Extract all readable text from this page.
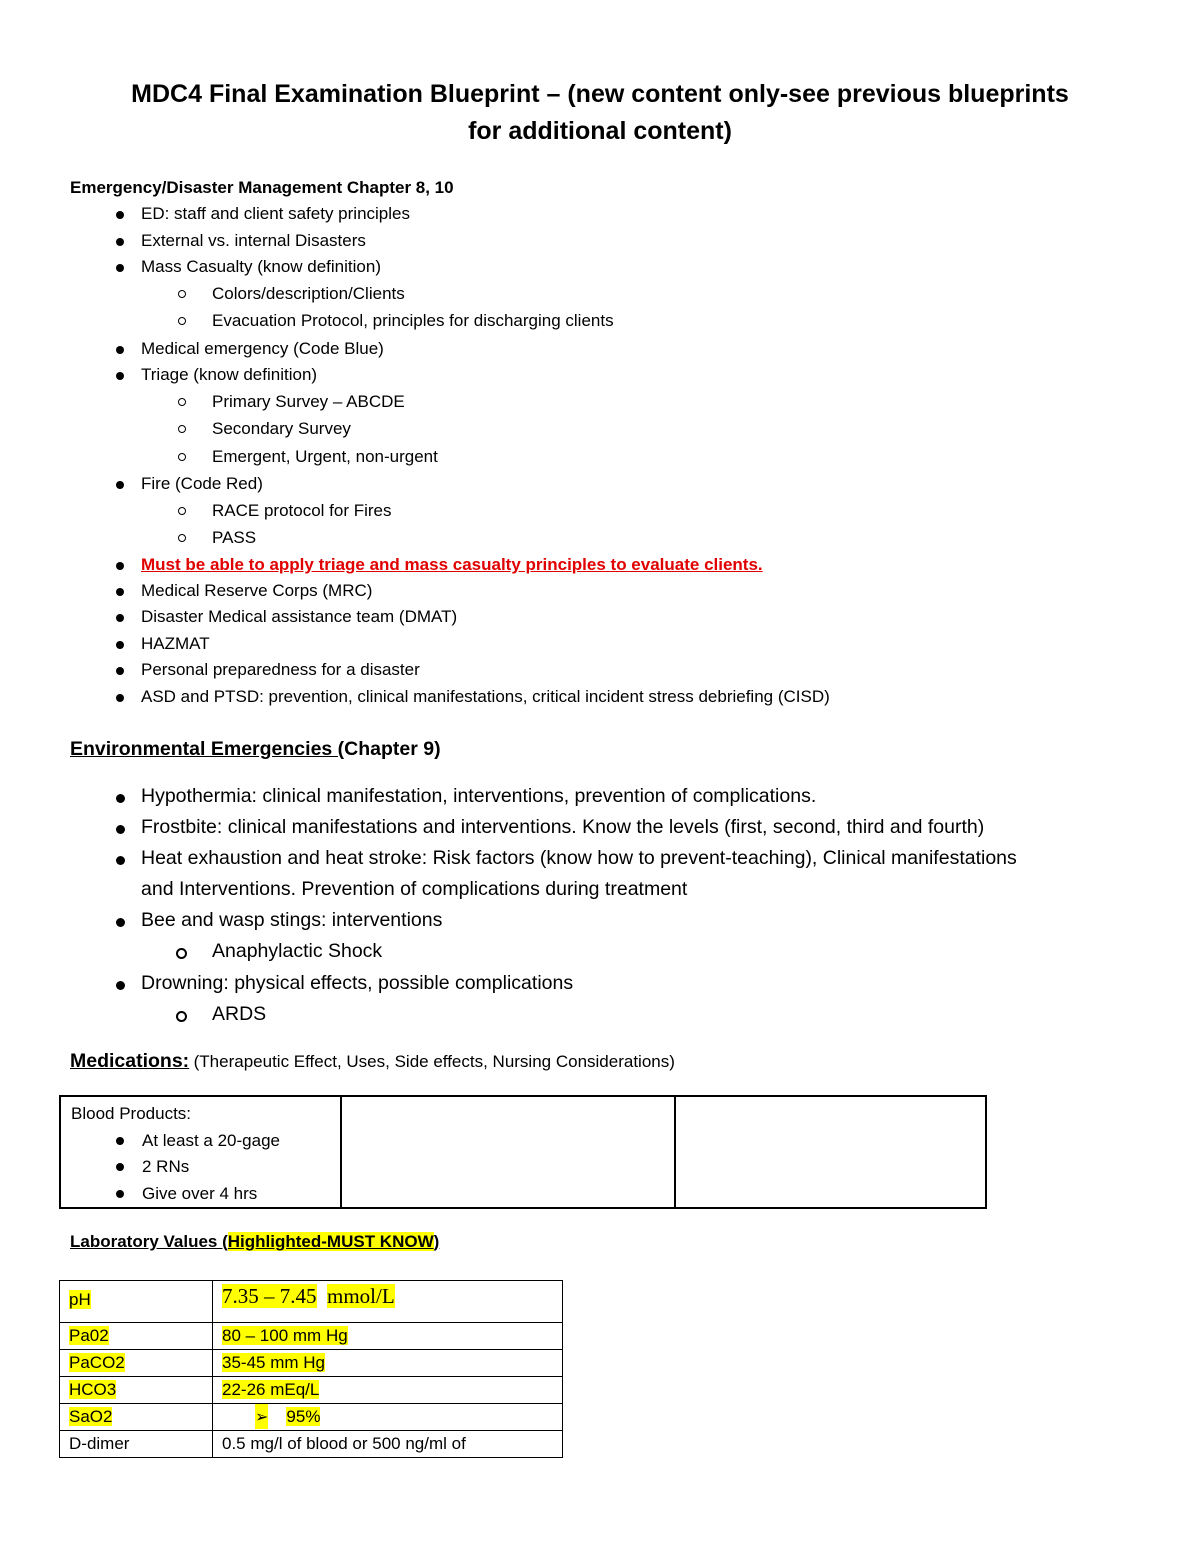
MDC4 Final Examination Blueprint – (new content only-see previous blueprints
for additional content)
Emergency/Disaster Management Chapter 8, 10
ED: staff and client safety principles
External vs. internal Disasters
Mass Casualty (know definition)
Colors/description/Clients
Evacuation Protocol, principles for discharging clients
Medical emergency (Code Blue)
Triage (know definition)
Primary Survey – ABCDE
Secondary Survey
Emergent, Urgent, non-urgent
Fire (Code Red)
RACE protocol for Fires
PASS
Must be able to apply triage and mass casualty principles to evaluate clients.
Medical Reserve Corps (MRC)
Disaster Medical assistance team (DMAT)
HAZMAT
Personal preparedness for a disaster
ASD and PTSD: prevention, clinical manifestations, critical incident stress debriefing (CISD)
Environmental Emergencies (Chapter 9)
Hypothermia: clinical manifestation, interventions, prevention of complications.
Frostbite: clinical manifestations and interventions. Know the levels (first, second, third and fourth)
Heat exhaustion and heat stroke: Risk factors (know how to prevent-teaching), Clinical manifestations
and Interventions. Prevention of complications during treatment
Bee and wasp stings: interventions
Anaphylactic Shock
Drowning: physical effects, possible complications
ARDS
Medications: (Therapeutic Effect, Uses, Side effects, Nursing Considerations)
Blood Products:
At least a 20-gage
2 RNs
Give over 4 hrs

Laboratory Values (Highlighted-MUST KNOW)
pH	7.35 – 7.45 mmol/L
Pa02	80 – 100 mm Hg
PaCO2	35-45 mm Hg
HCO3	22-26 mEq/L
SaO2	➢ 95%
D-dimer	0.5 mg/l of blood or 500 ng/ml of
